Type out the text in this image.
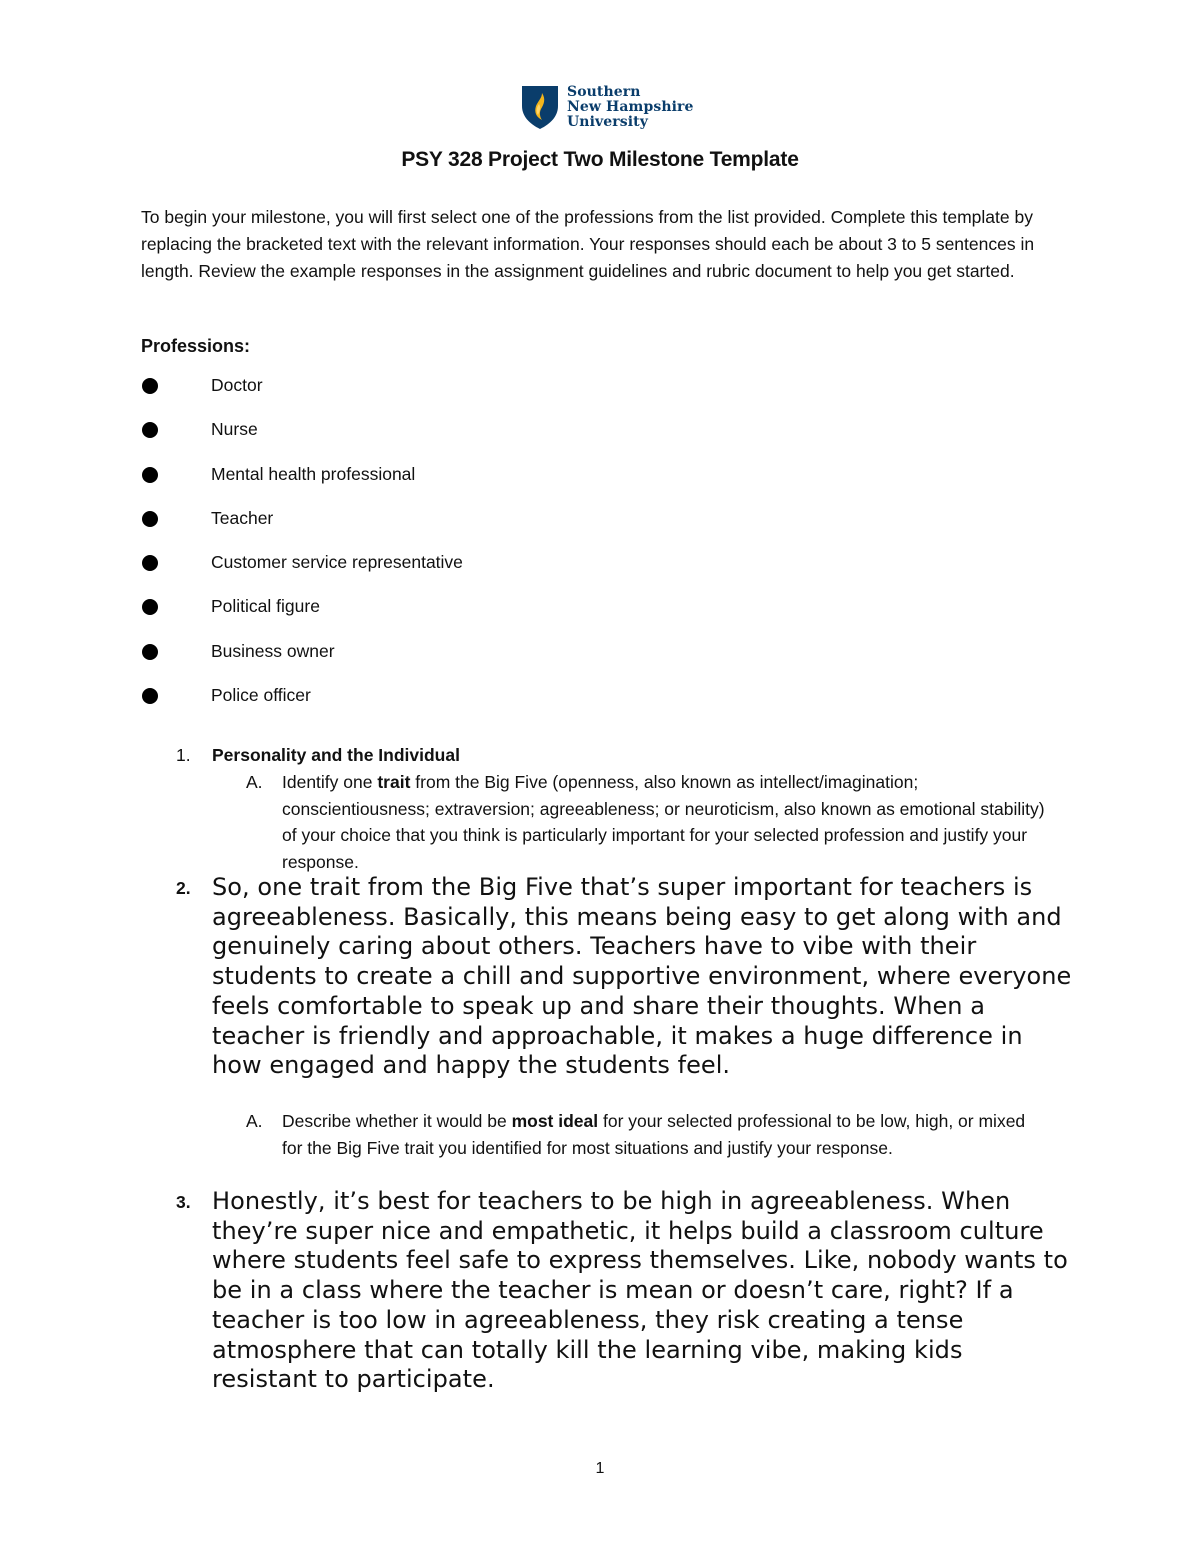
Southern
New Hampshire
University
PSY 328 Project Two Milestone Template
To begin your milestone, you will first select one of the professions from the list provided. Complete this template by replacing the bracketed text with the relevant information. Your responses should each be about 3 to 5 sentences in length. Review the example responses in the assignment guidelines and rubric document to help you get started.
Professions:
Doctor
Nurse
Mental health professional
Teacher
Customer service representative
Political figure
Business owner
Police officer
1. Personality and the Individual
A. Identify one trait from the Big Five (openness, also known as intellect/imagination; conscientiousness; extraversion; agreeableness; or neuroticism, also known as emotional stability) of your choice that you think is particularly important for your selected profession and justify your response.
2. So, one trait from the Big Five that’s super important for teachers is agreeableness. Basically, this means being easy to get along with and genuinely caring about others. Teachers have to vibe with their students to create a chill and supportive environment, where everyone feels comfortable to speak up and share their thoughts. When a teacher is friendly and approachable, it makes a huge difference in how engaged and happy the students feel.
A. Describe whether it would be most ideal for your selected professional to be low, high, or mixed for the Big Five trait you identified for most situations and justify your response.
3. Honestly, it’s best for teachers to be high in agreeableness. When they’re super nice and empathetic, it helps build a classroom culture where students feel safe to express themselves. Like, nobody wants to be in a class where the teacher is mean or doesn’t care, right? If a teacher is too low in agreeableness, they risk creating a tense atmosphere that can totally kill the learning vibe, making kids resistant to participate.
1
